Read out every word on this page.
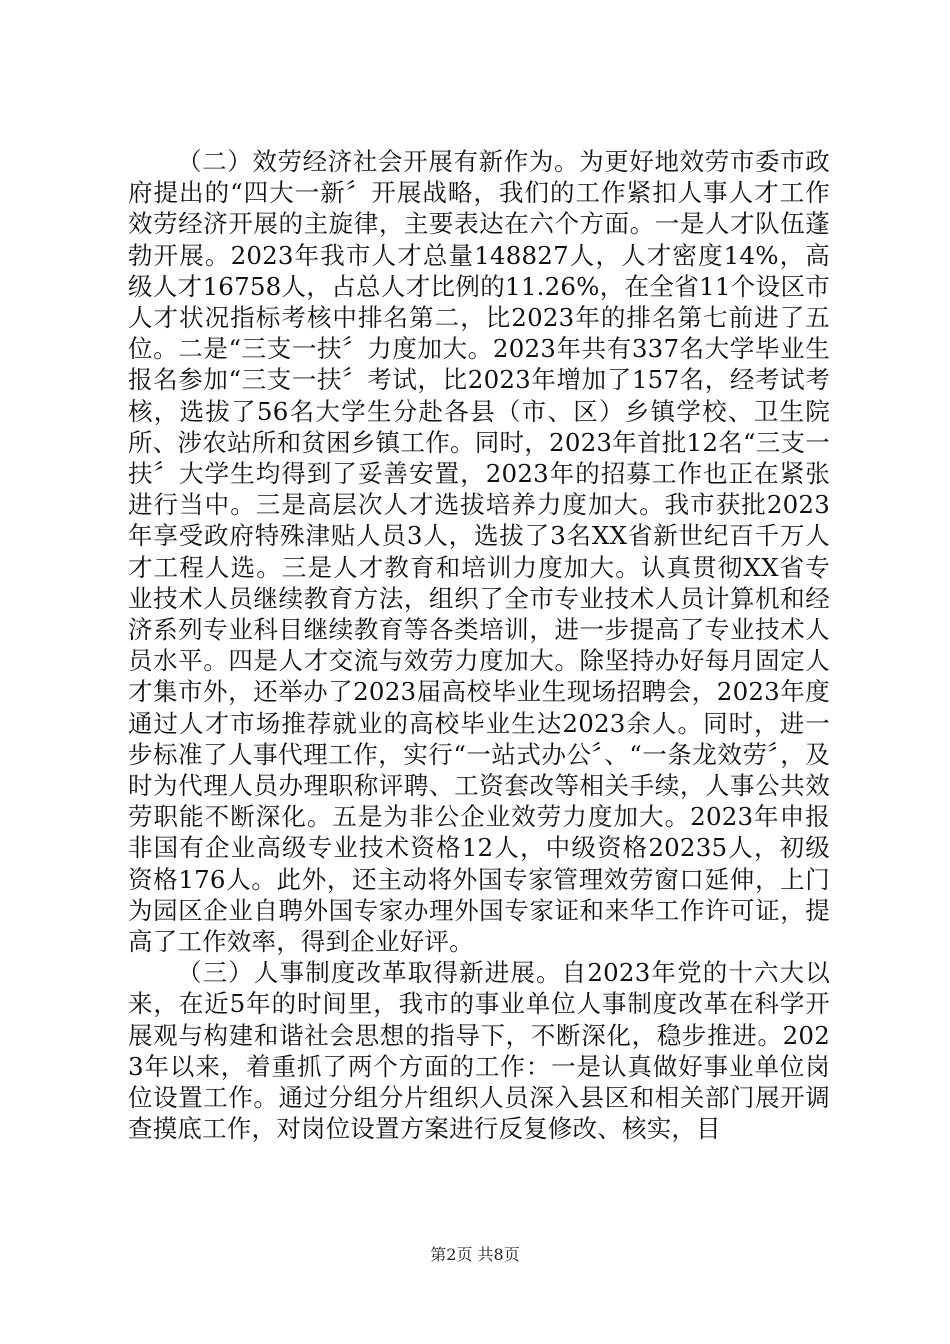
（二）效劳经济社会开展有新作为。为更好地效劳市委市政府提出的“四大一新〞开展战略，我们的工作紧扣人事人才工作效劳经济开展的主旋律，主要表达在六个方面。一是人才队伍蓬勃开展。2023年我市人才总量148827人，人才密度14%，高级人才16758人，占总人才比例的11.26%，在全省11个设区市人才状况指标考核中排名第二，比2023年的排名第七前进了五位。二是“三支一扶〞力度加大。2023年共有337名大学毕业生报名参加“三支一扶〞考试，比2023年增加了157名，经考试考核，选拔了56名大学生分赴各县（市、区）乡镇学校、卫生院所、涉农站所和贫困乡镇工作。同时，2023年首批12名“三支一扶〞大学生均得到了妥善安置，2023年的招募工作也正在紧张进行当中。三是高层次人才选拔培养力度加大。我市获批2023年享受政府特殊津贴人员3人，选拔了3名XX省新世纪百千万人才工程人选。三是人才教育和培训力度加大。认真贯彻XX省专业技术人员继续教育方法，组织了全市专业技术人员计算机和经济系列专业科目继续教育等各类培训，进一步提高了专业技术人员水平。四是人才交流与效劳力度加大。除坚持办好每月固定人才集市外，还举办了2023届高校毕业生现场招聘会，2023年度通过人才市场推荐就业的高校毕业生达2023余人。同时，进一步标准了人事代理工作，实行“一站式办公〞、“一条龙效劳〞，及时为代理人员办理职称评聘、工资套改等相关手续，人事公共效劳职能不断深化。五是为非公企业效劳力度加大。2023年申报非国有企业高级专业技术资格12人，中级资格20235人，初级资格176人。此外，还主动将外国专家管理效劳窗口延伸，上门为园区企业自聘外国专家办理外国专家证和来华工作许可证，提高了工作效率，得到企业好评。

（三）人事制度改革取得新进展。自2023年党的十六大以来，在近5年的时间里，我市的事业单位人事制度改革在科学开展观与构建和谐社会思想的指导下，不断深化，稳步推进。2023年以来，着重抓了两个方面的工作：一是认真做好事业单位岗位设置工作。通过分组分片组织人员深入县区和相关部门展开调查摸底工作，对岗位设置方案进行反复修改、核实，目

第2页 共8页
